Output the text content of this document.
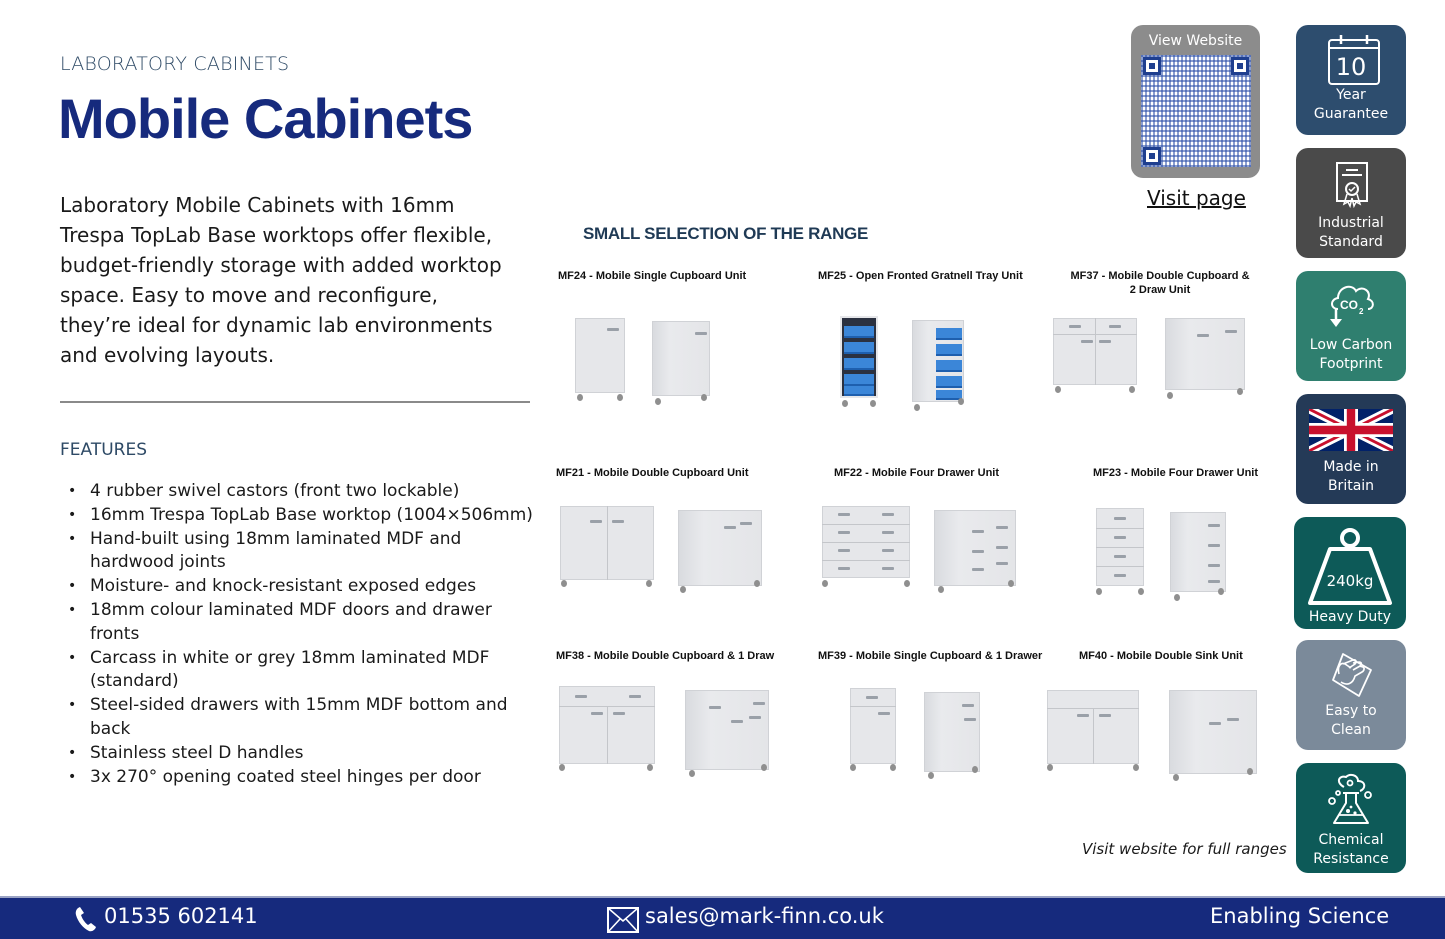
LABORATORY CABINETS
Mobile Cabinets

Laboratory Mobile Cabinets with 16mm Trespa TopLab Base worktops offer flexible, budget-friendly storage with added worktop space. Easy to move and reconfigure, they’re ideal for dynamic lab environments and evolving layouts.

FEATURES
• 4 rubber swivel castors (front two lockable)
• 16mm Trespa TopLab Base worktop (1004×506mm)
• Hand-built using 18mm laminated MDF and hardwood joints
• Moisture- and knock-resistant exposed edges
• 18mm colour laminated MDF doors and drawer fronts
• Carcass in white or grey 18mm laminated MDF (standard)
• Steel-sided drawers with 15mm MDF bottom and back
• Stainless steel D handles
• 3x 270° opening coated steel hinges per door
View Website
Visit page
SMALL SELECTION OF THE RANGE
MF24 - Mobile Single Cupboard Unit	MF25 - Open Fronted Gratnell Tray Unit	MF37 - Mobile Double Cupboard & 2 Draw Unit
MF21 - Mobile Double Cupboard Unit	MF22 - Mobile Four Drawer Unit	MF23 - Mobile Four Drawer Unit
MF38 - Mobile Double Cupboard & 1 Draw	MF39 - Mobile Single Cupboard & 1 Drawer	MF40 - Mobile Double Sink Unit
Visit website for full ranges
10
Year
Guarantee
Industrial
Standard
CO 2
Low Carbon
Footprint
Made in
Britain
240kg
Heavy Duty
Easy to
Clean
Chemical
Resistance
01535 602141	sales@mark-finn.co.uk	Enabling Science
